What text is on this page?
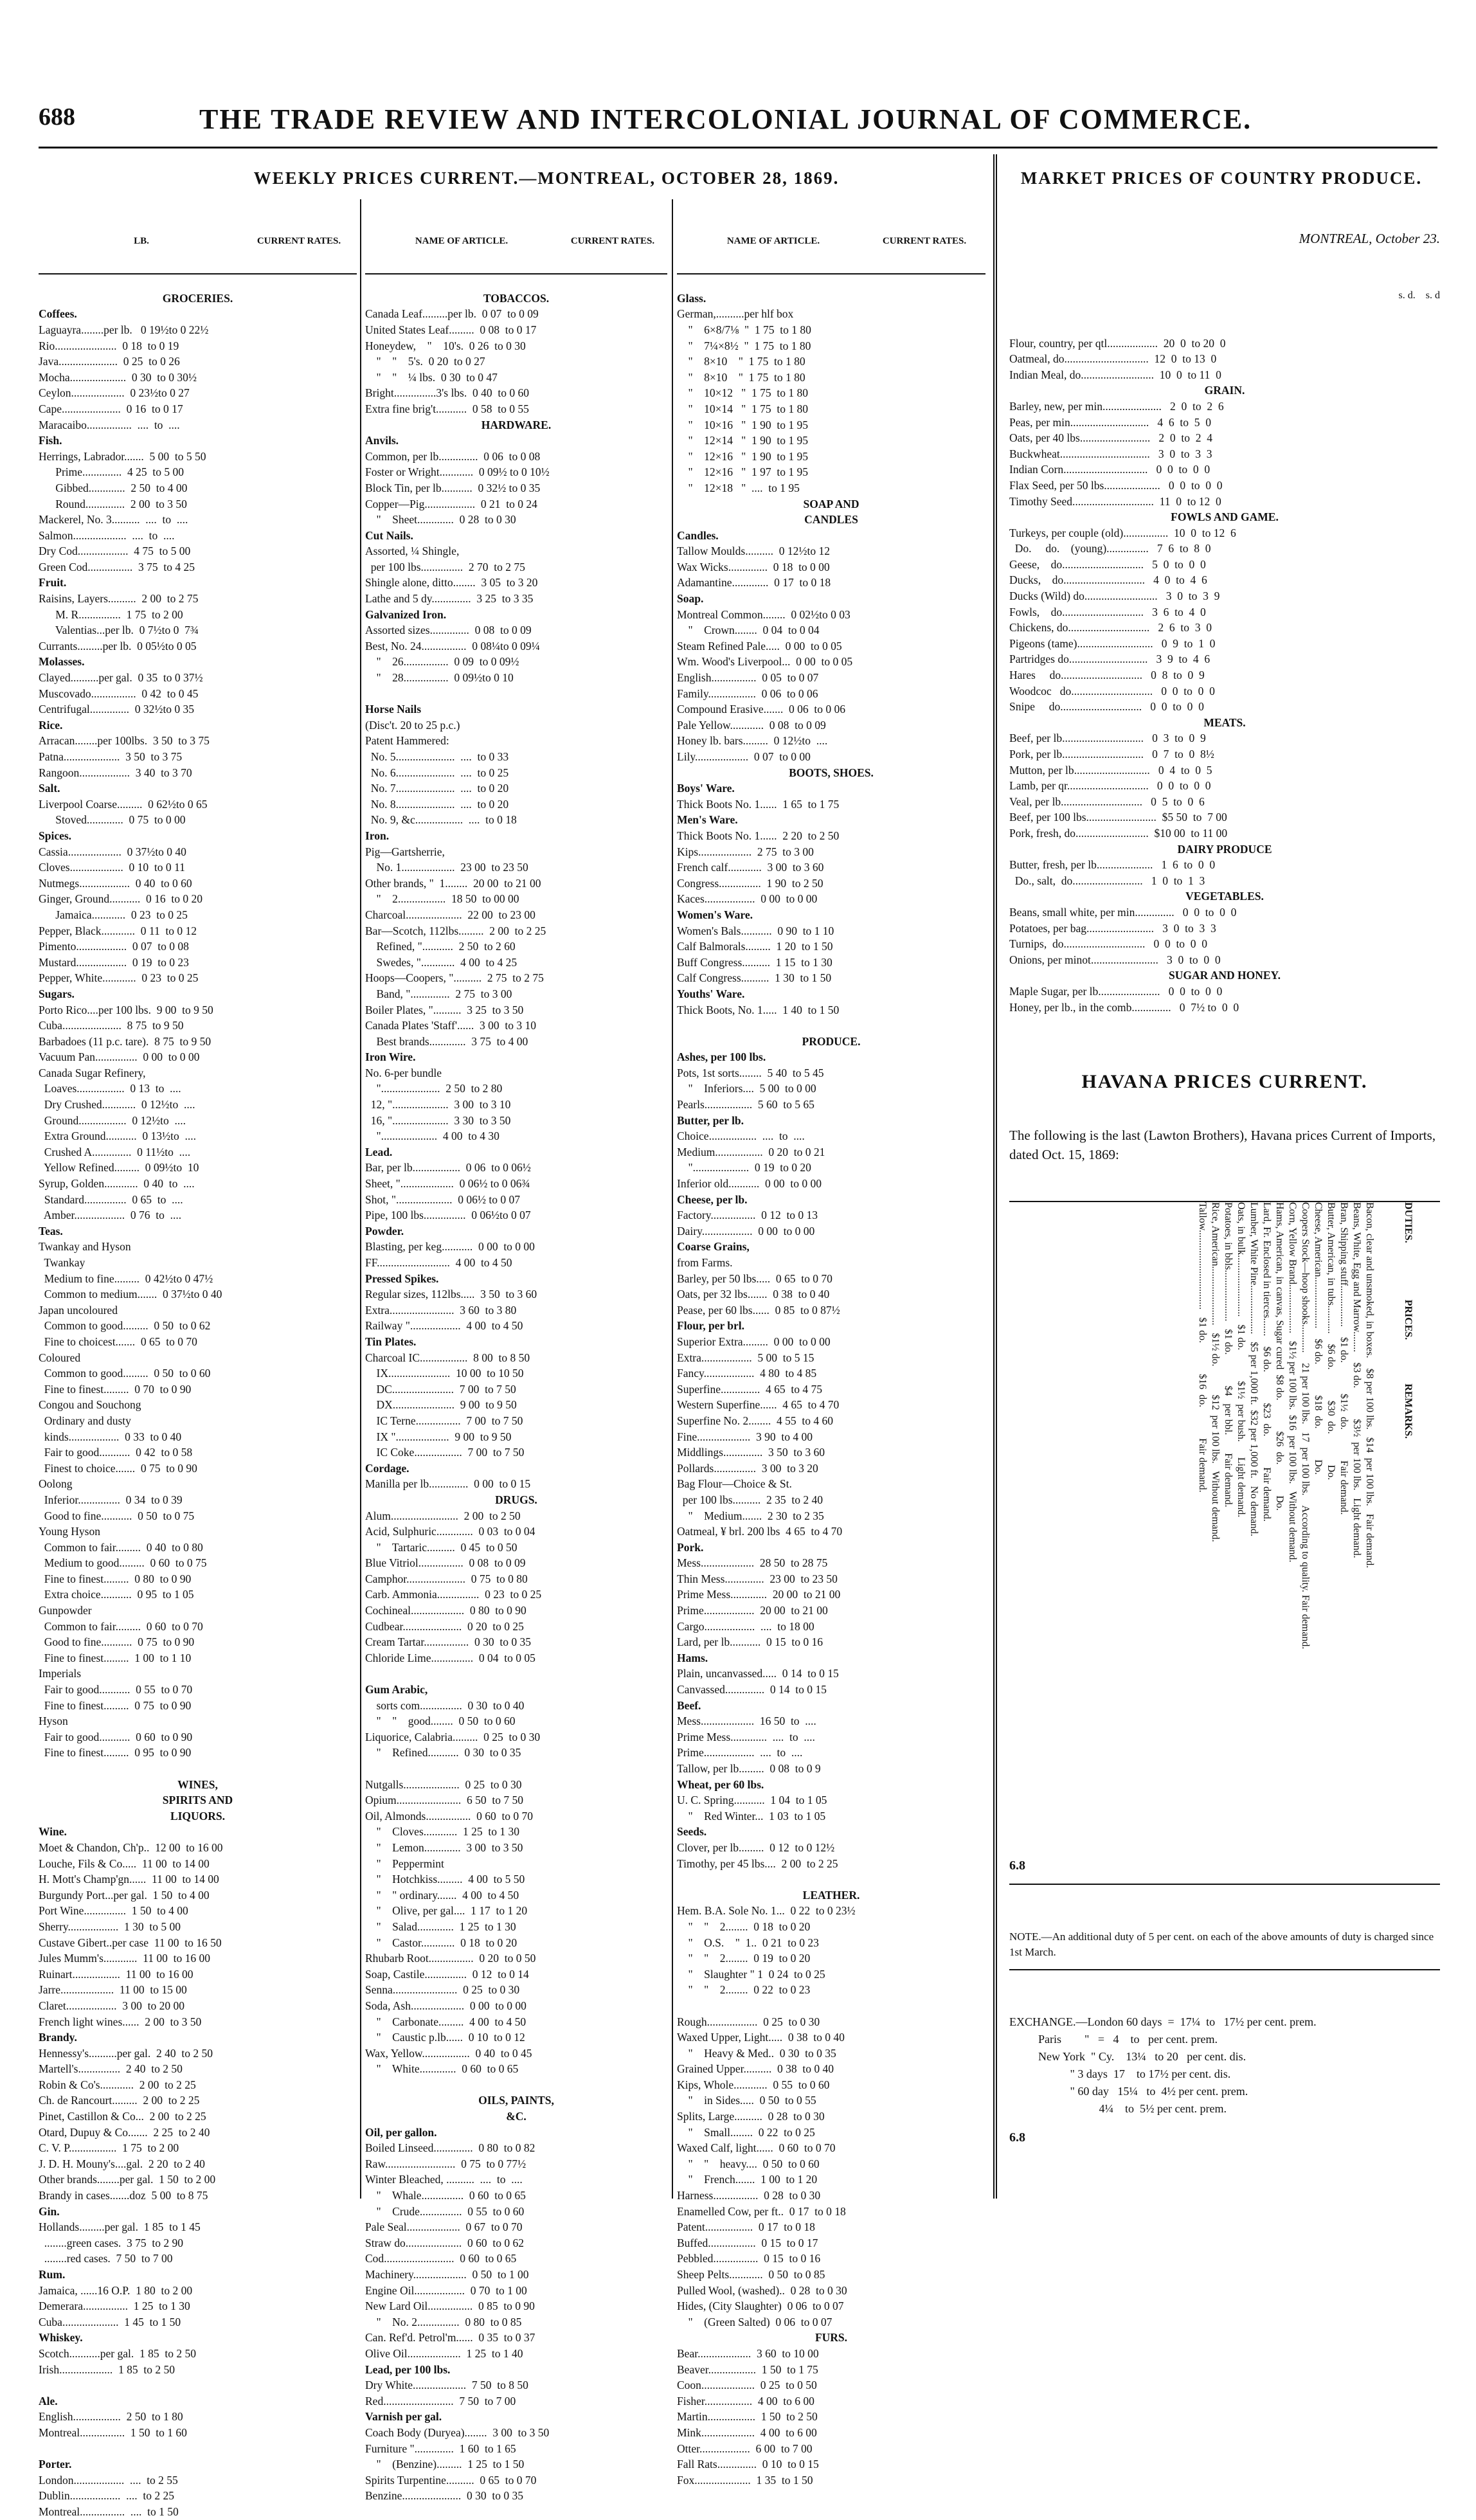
688	THE TRADE REVIEW AND INTERCOLONIAL JOURNAL OF COMMERCE.
WEEKLY PRICES CURRENT.—MONTREAL, OCTOBER 28, 1869.	MARKET PRICES OF COUNTRY PRODUCE.

LB.	CURRENT RATES.

GROCERIES.
Coffees.
Laguayra........per lb.   0 19½to 0 22½
Rio......................  0 18  to 0 19
Java.....................  0 25  to 0 26
Mocha....................  0 30  to 0 30½
Ceylon...................  0 23½to 0 27
Cape.....................  0 16  to 0 17
Maracaibo................  ....  to  ....
Fish.
Herrings, Labrador.......  5 00  to 5 50
Prime..............  4 25  to 5 00
Gibbed.............  2 50  to 4 00
Round..............  2 00  to 3 50
Mackerel, No. 3..........  ....  to  ....
Salmon...................  ....  to  ....
Dry Cod..................  4 75  to 5 00
Green Cod................  3 75  to 4 25
Fruit.
Raisins, Layers..........  2 00  to 2 75
M. R...............  1 75  to 2 00
Valentias...per lb.  0 7½to 0  7¾
Currants.........per lb.  0 05½to 0 05
Molasses.
Clayed..........per gal.  0 35  to 0 37½
Muscovado................  0 42  to 0 45
Centrifugal..............  0 32½to 0 35
Rice.
Arracan........per 100lbs.  3 50  to 3 75
Patna....................  3 50  to 3 75
Rangoon..................  3 40  to 3 70
Salt.
Liverpool Coarse.........  0 62½to 0 65
Stoved.............  0 75  to 0 00
Spices.
Cassia...................  0 37½to 0 40
Cloves...................  0 10  to 0 11
Nutmegs..................  0 40  to 0 60
Ginger, Ground...........  0 16  to 0 20
Jamaica............  0 23  to 0 25
Pepper, Black............  0 11  to 0 12
Pimento..................  0 07  to 0 08
Mustard..................  0 19  to 0 23
Pepper, White............  0 23  to 0 25
Sugars.
Porto Rico....per 100 lbs.  9 00  to 9 50
Cuba.....................  8 75  to 9 50
Barbadoes (11 p.c. tare).  8 75  to 9 50
Vacuum Pan...............  0 00  to 0 00
Canada Sugar Refinery,
Loaves.................  0 13  to  ....
Dry Crushed............  0 12½to  ....
Ground.................  0 12½to  ....
Extra Ground...........  0 13½to  ....
Crushed A..............  0 11½to  ....
Yellow Refined.........  0 09½to  10
Syrup, Golden............  0 40  to  ....
Standard...............  0 65  to  ....
Amber..................  0 76  to  ....
Teas.
Twankay and Hyson
Twankay
Medium to fine.........  0 42½to 0 47½
Common to medium.......  0 37½to 0 40
Japan uncoloured
Common to good.........  0 50  to 0 62
Fine to choicest.......  0 65  to 0 70
Coloured
Common to good.........  0 50  to 0 60
Fine to finest.........  0 70  to 0 90
Congou and Souchong
Ordinary and dusty
kinds..................  0 33  to 0 40
Fair to good...........  0 42  to 0 58
Finest to choice.......  0 75  to 0 90
Oolong
Inferior...............  0 34  to 0 39
Good to fine...........  0 50  to 0 75
Young Hyson
Common to fair.........  0 40  to 0 80
Medium to good.........  0 60  to 0 75
Fine to finest.........  0 80  to 0 90
Extra choice...........  0 95  to 1 05
Gunpowder
Common to fair.........  0 60  to 0 70
Good to fine...........  0 75  to 0 90
Fine to finest.........  1 00  to 1 10
Imperials
Fair to good...........  0 55  to 0 70
Fine to finest.........  0 75  to 0 90
Hyson
Fair to good...........  0 60  to 0 90
Fine to finest.........  0 95  to 0 90
WINES,
SPIRITS AND
LIQUORS.
Wine.
Moet & Chandon, Ch'p..  12 00  to 16 00
Louche, Fils & Co.....  11 00  to 14 00
H. Mott's Champ'gn......  11 00  to 14 00
Burgundy Port...per gal.  1 50  to 4 00
Port Wine...............  1 50  to 4 00
Sherry..................  1 30  to 5 00
Custave Gibert..per case  11 00  to 16 50
Jules Mumm's............  11 00  to 16 00
Ruinart.................  11 00  to 16 00
Jarre...................  11 00  to 15 00
Claret..................  3 00  to 20 00
French light wines......  2 00  to 3 50
Brandy.
Hennessy's..........per gal.  2 40  to 2 50
Martell's...............  2 40  to 2 50
Robin & Co's............  2 00  to 2 25
Ch. de Rancourt.........  2 00  to 2 25
Pinet, Castillon & Co...  2 00  to 2 25
Otard, Dupuy & Co.......  2 25  to 2 40
C. V. P.................  1 75  to 2 00
J. D. H. Mouny's....gal.  2 20  to 2 40
Other brands........per gal.  1 50  to 2 00
Brandy in cases.......doz  5 00  to 8 75
Gin.
Hollands.........per gal.  1 85  to 1 45
........green cases.  3 75  to 2 90
........red cases.  7 50  to 7 00
Rum.
Jamaica, ......16 O.P.  1 80  to 2 00
Demerara................  1 25  to 1 30
Cuba....................  1 45  to 1 50
Whiskey.
Scotch...........per gal.  1 85  to 2 50
Irish...................  1 85  to 2 50
Ale.
English.................  2 50  to 1 80
Montreal................  1 50  to 1 60
Porter.
London..................  ....  to 2 55
Dublin..................  ....  to 2 25
Montreal................  ....  to 1 50

NAME OF ARTICLE.	CURRENT RATES.

TOBACCOS.
Canada Leaf.........per lb.  0 07  to 0 09
United States Leaf.........  0 08  to 0 17
Honeydew,    "    10's.  0 26  to 0 30
"    "    5's.  0 20  to 0 27
"    "    ¼ lbs.  0 30  to 0 47
Bright...............3's lbs.  0 40  to 0 60
Extra fine brig't...........  0 58  to 0 55
HARDWARE.
Anvils.
Common, per lb..............  0 06  to 0 08
Foster or Wright............  0 09½ to 0 10½
Block Tin, per lb...........  0 32½ to 0 35
Copper—Pig..................  0 21  to 0 24
"    Sheet.............  0 28  to 0 30
Cut Nails.
Assorted, ¼ Shingle,
per 100 lbs...............  2 70  to 2 75
Shingle alone, ditto........  3 05  to 3 20
Lathe and 5 dy..............  3 25  to 3 35
Galvanized Iron.
Assorted sizes..............  0 08  to 0 09
Best, No. 24................  0 08¼to 0 09¼
"    26................  0 09  to 0 09½
"    28................  0 09½to 0 10
Horse Nails
(Disc't. 20 to 25 p.c.)
Patent Hammered:
No. 5.....................  ....  to 0 33
No. 6.....................  ....  to 0 25
No. 7.....................  ....  to 0 20
No. 8.....................  ....  to 0 20
No. 9, &c.................  ....  to 0 18
Iron.
Pig—Gartsherrie,
No. 1...................  23 00  to 23 50
Other brands, "  1........  20 00  to 21 00
"    2.................  18 50  to 00 00
Charcoal....................  22 00  to 23 00
Bar—Scotch, 112lbs.........  2 00  to 2 25
Refined, "...........  2 50  to 2 60
Swedes, "............  4 00  to 4 25
Hoops—Coopers, "..........  2 75  to 2 75
Band, "..............  2 75  to 3 00
Boiler Plates, "..........  3 25  to 3 50
Canada Plates 'Staff'......  3 00  to 3 10
Best brands.............  3 75  to 4 00
Iron Wire.
No. 6-per bundle
".....................  2 50  to 2 80
12, "....................  3 00  to 3 10
16, "....................  3 30  to 3 50
"....................  4 00  to 4 30
Lead.
Bar, per lb.................  0 06  to 0 06½
Sheet, "...................  0 06½ to 0 06¾
Shot, "....................  0 06½ to 0 07
Pipe, 100 lbs...............  0 06½to 0 07
Powder.
Blasting, per keg...........  0 00  to 0 00
FF..........................  4 00  to 4 50
Pressed Spikes.
Regular sizes, 112lbs.....  3 50  to 3 60
Extra.......................  3 60  to 3 80
Railway "..................  4 00  to 4 50
Tin Plates.
Charcoal IC.................  8 00  to 8 50
IX......................  10 00  to 10 50
DC......................  7 00  to 7 50
DX......................  9 00  to 9 50
IC Terne................  7 00  to 7 50
IX "...................  9 00  to 9 50
IC Coke.................  7 00  to 7 50
Cordage.
Manilla per lb..............  0 00  to 0 15
DRUGS.
Alum........................  2 00  to 2 50
Acid, Sulphuric.............  0 03  to 0 04
"    Tartaric..........  0 45  to 0 50
Blue Vitriol................  0 08  to 0 09
Camphor.....................  0 75  to 0 80
Carb. Ammonia...............  0 23  to 0 25
Cochineal...................  0 80  to 0 90
Cudbear.....................  0 20  to 0 25
Cream Tartar................  0 30  to 0 35
Chloride Lime...............  0 04  to 0 05
Gum Arabic,
sorts com...............  0 30  to 0 40
"    "    good........  0 50  to 0 60
Liquorice, Calabria.........  0 25  to 0 30
"    Refined...........  0 30  to 0 35
Nutgalls....................  0 25  to 0 30
Opium.......................  6 50  to 7 50
Oil, Almonds................  0 60  to 0 70
"    Cloves............  1 25  to 1 30
"    Lemon.............  3 00  to 3 50
"    Peppermint
"    Hotchkiss.........  4 00  to 5 50
"    " ordinary.......  4 00  to 4 50
"    Olive, per gal....  1 17  to 1 20
"    Salad.............  1 25  to 1 30
"    Castor............  0 18  to 0 20
Rhubarb Root................  0 20  to 0 50
Soap, Castile...............  0 12  to 0 14
Senna.......................  0 25  to 0 30
Soda, Ash...................  0 00  to 0 00
"    Carbonate.........  4 00  to 4 50
"    Caustic p.lb......  0 10  to 0 12
Wax, Yellow.................  0 40  to 0 45
"    White.............  0 60  to 0 65
OILS, PAINTS,
&C.
Oil, per gallon.
Boiled Linseed..............  0 80  to 0 82
Raw.........................  0 75  to 0 77½
Winter Bleached, ..........  ....  to  ....
"    Whale...............  0 60  to 0 65
"    Crude...............  0 55  to 0 60
Pale Seal...................  0 67  to 0 70
Straw do....................  0 60  to 0 62
Cod.........................  0 60  to 0 65
Machinery...................  0 50  to 1 00
Engine Oil..................  0 70  to 1 00
New Lard Oil................  0 85  to 0 90
"    No. 2...............  0 80  to 0 85
Can. Ref'd. Petrol'm......  0 35  to 0 37
Olive Oil...................  1 25  to 1 40
Lead, per 100 lbs.
Dry White...................  7 50  to 8 50
Red.........................  7 50  to 7 00
Varnish per gal.
Coach Body (Duryea)........  3 00  to 3 50
Furniture "..............  1 60  to 1 65
"    (Benzine).........  1 25  to 1 50
Spirits Turpentine..........  0 65  to 0 70
Benzine.....................  0 30  to 0 35

NAME OF ARTICLE.	CURRENT RATES.

Glass.
German,..........per hlf box
"    6×8/7⅛  "  1 75  to 1 80
"    7¼×8½  "  1 75  to 1 80
"    8×10    "  1 75  to 1 80
"    8×10    "  1 75  to 1 80
"    10×12   "  1 75  to 1 80
"    10×14   "  1 75  to 1 80
"    10×16   "  1 90  to 1 95
"    12×14   "  1 90  to 1 95
"    12×16   "  1 90  to 1 95
"    12×16   "  1 97  to 1 95
"    12×18   "  ....  to 1 95
SOAP AND
CANDLES
Candles.
Tallow Moulds..........  0 12½to 12
Wax Wicks..............  0 18  to 0 00
Adamantine.............  0 17  to 0 18
Soap.
Montreal Common........  0 02½to 0 03
"    Crown........  0 04  to 0 04
Steam Refined Pale.....  0 00  to 0 05
Wm. Wood's Liverpool...  0 00  to 0 05
English................  0 05  to 0 07
Family.................  0 06  to 0 06
Compound Erasive.......  0 06  to 0 06
Pale Yellow............  0 08  to 0 09
Honey lb. bars.........  0 12½to  ....
Lily...................  0 07  to 0 00
BOOTS, SHOES.
Boys' Ware.
Thick Boots No. 1......  1 65  to 1 75
Men's Ware.
Thick Boots No. 1......  2 20  to 2 50
Kips...................  2 75  to 3 00
French calf............  3 00  to 3 60
Congress...............  1 90  to 2 50
Kaces..................  0 00  to 0 00
Women's Ware.
Women's Bals...........  0 90  to 1 10
Calf Balmorals.........  1 20  to 1 50
Buff Congress..........  1 15  to 1 30
Calf Congress..........  1 30  to 1 50
Youths' Ware.
Thick Boots, No. 1.....  1 40  to 1 50
PRODUCE.
Ashes, per 100 lbs.
Pots, 1st sorts........  5 40  to 5 45
"    Inferiors....  5 00  to 0 00
Pearls.................  5 60  to 5 65
Butter, per lb.
Choice.................  ....  to  ....
Medium.................  0 20  to 0 21
"....................  0 19  to 0 20
Inferior old...........  0 00  to 0 00
Cheese, per lb.
Factory................  0 12  to 0 13
Dairy..................  0 00  to 0 00
Coarse Grains,
from Farms.
Barley, per 50 lbs.....  0 65  to 0 70
Oats, per 32 lbs.......  0 38  to 0 40
Pease, per 60 lbs......  0 85  to 0 87½
Flour, per brl.
Superior Extra.........  0 00  to 0 00
Extra..................  5 00  to 5 15
Fancy..................  4 80  to 4 85
Superfine..............  4 65  to 4 75
Western Superfine......  4 65  to 4 70
Superfine No. 2........  4 55  to 4 60
Fine...................  3 90  to 4 00
Middlings..............  3 50  to 3 60
Pollards...............  3 00  to 3 20
Bag Flour—Choice & St.
per 100 lbs..........  2 35  to 2 40
"    Medium.......  2 30  to 2 35
Oatmeal, ¥ brl. 200 lbs  4 65  to 4 70
Pork.
Mess...................  28 50  to 28 75
Thin Mess..............  23 00  to 23 50
Prime Mess.............  20 00  to 21 00
Prime..................  20 00  to 21 00
Cargo..................  ....  to 18 00
Lard, per lb...........  0 15  to 0 16
Hams.
Plain, uncanvassed.....  0 14  to 0 15
Canvassed..............  0 14  to 0 15
Beef.
Mess...................  16 50  to  ....
Prime Mess.............  ....  to  ....
Prime..................  ....  to  ....
Tallow, per lb.........  0 08  to 0 9
Wheat, per 60 lbs.
U. C. Spring...........  1 04  to 1 05
"    Red Winter...  1 03  to 1 05
Seeds.
Clover, per lb.........  0 12  to 0 12½
Timothy, per 45 lbs....  2 00  to 2 25
LEATHER.
Hem. B.A. Sole No. 1...  0 22  to 0 23½
"    "    2........  0 18  to 0 20
"    O.S.    "  1..  0 21  to 0 23
"    "    2........  0 19  to 0 20
"    Slaughter " 1  0 24  to 0 25
"    "    2........  0 22  to 0 23
Rough..................  0 25  to 0 30
Waxed Upper, Light.....  0 38  to 0 40
"    Heavy & Med..  0 30  to 0 35
Grained Upper..........  0 38  to 0 40
Kips, Whole............  0 55  to 0 60
"    in Sides.....  0 50  to 0 55
Splits, Large..........  0 28  to 0 30
"    Small........  0 22  to 0 25
Waxed Calf, light......  0 60  to 0 70
"    "    heavy....  0 50  to 0 60
"    French.......  1 00  to 1 20
Harness................  0 28  to 0 30
Enamelled Cow, per ft..  0 17  to 0 18
Patent.................  0 17  to 0 18
Buffed.................  0 15  to 0 17
Pebbled................  0 15  to 0 16
Sheep Pelts............  0 50  to 0 85
Pulled Wool, (washed)..  0 28  to 0 30
Hides, (City Slaughter)  0 06  to 0 07
"    (Green Salted)  0 06  to 0 07
FURS.
Bear...................  3 60  to 10 00
Beaver.................  1 50  to 1 75
Coon...................  0 25  to 0 50
Fisher.................  4 00  to 6 00
Martin.................  1 50  to 2 50
Mink...................  4 00  to 6 00
Otter..................  6 00  to 7 00
Fall Rats..............  0 10  to 0 15
Fox....................  1 35  to 1 50

MONTREAL, October 23.

s. d.    s. d

Flour, country, per qtl..................  20  0  to 20  0
Oatmeal, do..............................  12  0  to 13  0
Indian Meal, do..........................  10  0  to 11  0
GRAIN.
Barley, new, per min.....................   2  0  to  2  6
Peas, per min............................   4  6  to  5  0
Oats, per 40 lbs.........................   2  0  to  2  4
Buckwheat................................   3  0  to  3  3
Indian Corn..............................   0  0  to  0  0
Flax Seed, per 50 lbs....................   0  0  to  0  0
Timothy Seed.............................  11  0  to 12  0
FOWLS AND GAME.
Turkeys, per couple (old)................  10  0  to 12  6
Do.     do.    (young)...............   7  6  to  8  0
Geese,    do.............................   5  0  to  0  0
Ducks,    do.............................   4  0  to  4  6
Ducks (Wild) do..........................   3  0  to  3  9
Fowls,    do.............................   3  6  to  4  0
Chickens, do.............................   2  6  to  3  0
Pigeons (tame)...........................   0  9  to  1  0
Partridges do............................   3  9  to  4  6
Hares     do.............................   0  8  to  0  9
Woodcoc   do.............................   0  0  to  0  0
Snipe     do.............................   0  0  to  0  0
MEATS.
Beef, per lb.............................   0  3  to  0  9
Pork, per lb.............................   0  7  to  0  8½
Mutton, per lb...........................   0  4  to  0  5
Lamb, per qr.............................   0  0  to  0  0
Veal, per lb.............................   0  5  to  0  6
Beef, per 100 lbs.........................  $5 50  to  7 00
Pork, fresh, do..........................  $10 00  to 11 00
DAIRY PRODUCE
Butter, fresh, per lb....................   1  6  to  0  0
Do., salt,  do.........................   1  0  to  1  3
VEGETABLES.
Beans, small white, per min..............   0  0  to  0  0
Potatoes, per bag........................   3  0  to  3  3
Turnips,  do.............................   0  0  to  0  0
Onions, per minot........................   3  0  to  0  0
SUGAR AND HONEY.
Maple Sugar, per lb......................   0  0  to  0  0
Honey, per lb., in the comb..............   0  7½ to  0  0

HAVANA PRICES CURRENT.

The following is the last (Lawton Brothers), Havana prices Current of Imports, dated Oct. 15, 1869:

DUTIES.                      PRICES.                 REMARKS.

Bacon, clear and unsmoked, in boxes.    $8 per 100 lbs.   $14  per 100 lbs.   Fair demand.
Beans, White, Egg and Marrow........    $3 do.            $3½  per 100 lbs.   Light demand.
Bran, Shipping stuff................    $1 do.            $1½  do.            Fair demand.
Butter, American, in tubs...........    $6 do.            $30  do.            Do.
Cheese, American....................    $6 do.            $18  do.            Do.
Coopers Stock—hoop shooks...........    21 per 100 lbs.   17  per 100 lbs.    According to quality. Fair demand.
Corn, Yellow Brand...................   $1½ per 100 lbs.  $16  per 100 lbs.   Without demand.
Hams, American, in canvas, Sugar cured  $8 do.            $26  do.            Do.
Lard, Fr. Enclosed in tierces.......    $6 do.            $23  do.            Fair demand.
Lumber, White Pine...................   $5 per 1,000 ft.  $32 per 1,000 ft.   No demand.
Oats, in bulk........................   $1 do.            $1½  per bush.      Light demand.
Potatoes, in bbls....................   $1 do.            $4   per bbl.       Fair demand.
Rice, American.......................   $1½ do.           $12  per 100 lbs.   Without demand.
Tallow...............................   $1 do.            $16  do.            Fair demand.

6.8

NOTE.—An additional duty of 5 per cent. on each of the above amounts of duty is charged since 1st March.

EXCHANGE.—London 60 days  =  17¼  to   17½ per cent. prem.
Paris        "   =   4    to   per cent. prem.
New York  " Cy.    13¼   to 20   per cent. dis.
" 3 days  17    to 17½ per cent. dis.
" 60 day   15¼   to  4½ per cent. prem.
4¼    to  5½ per cent. prem.

6.8
